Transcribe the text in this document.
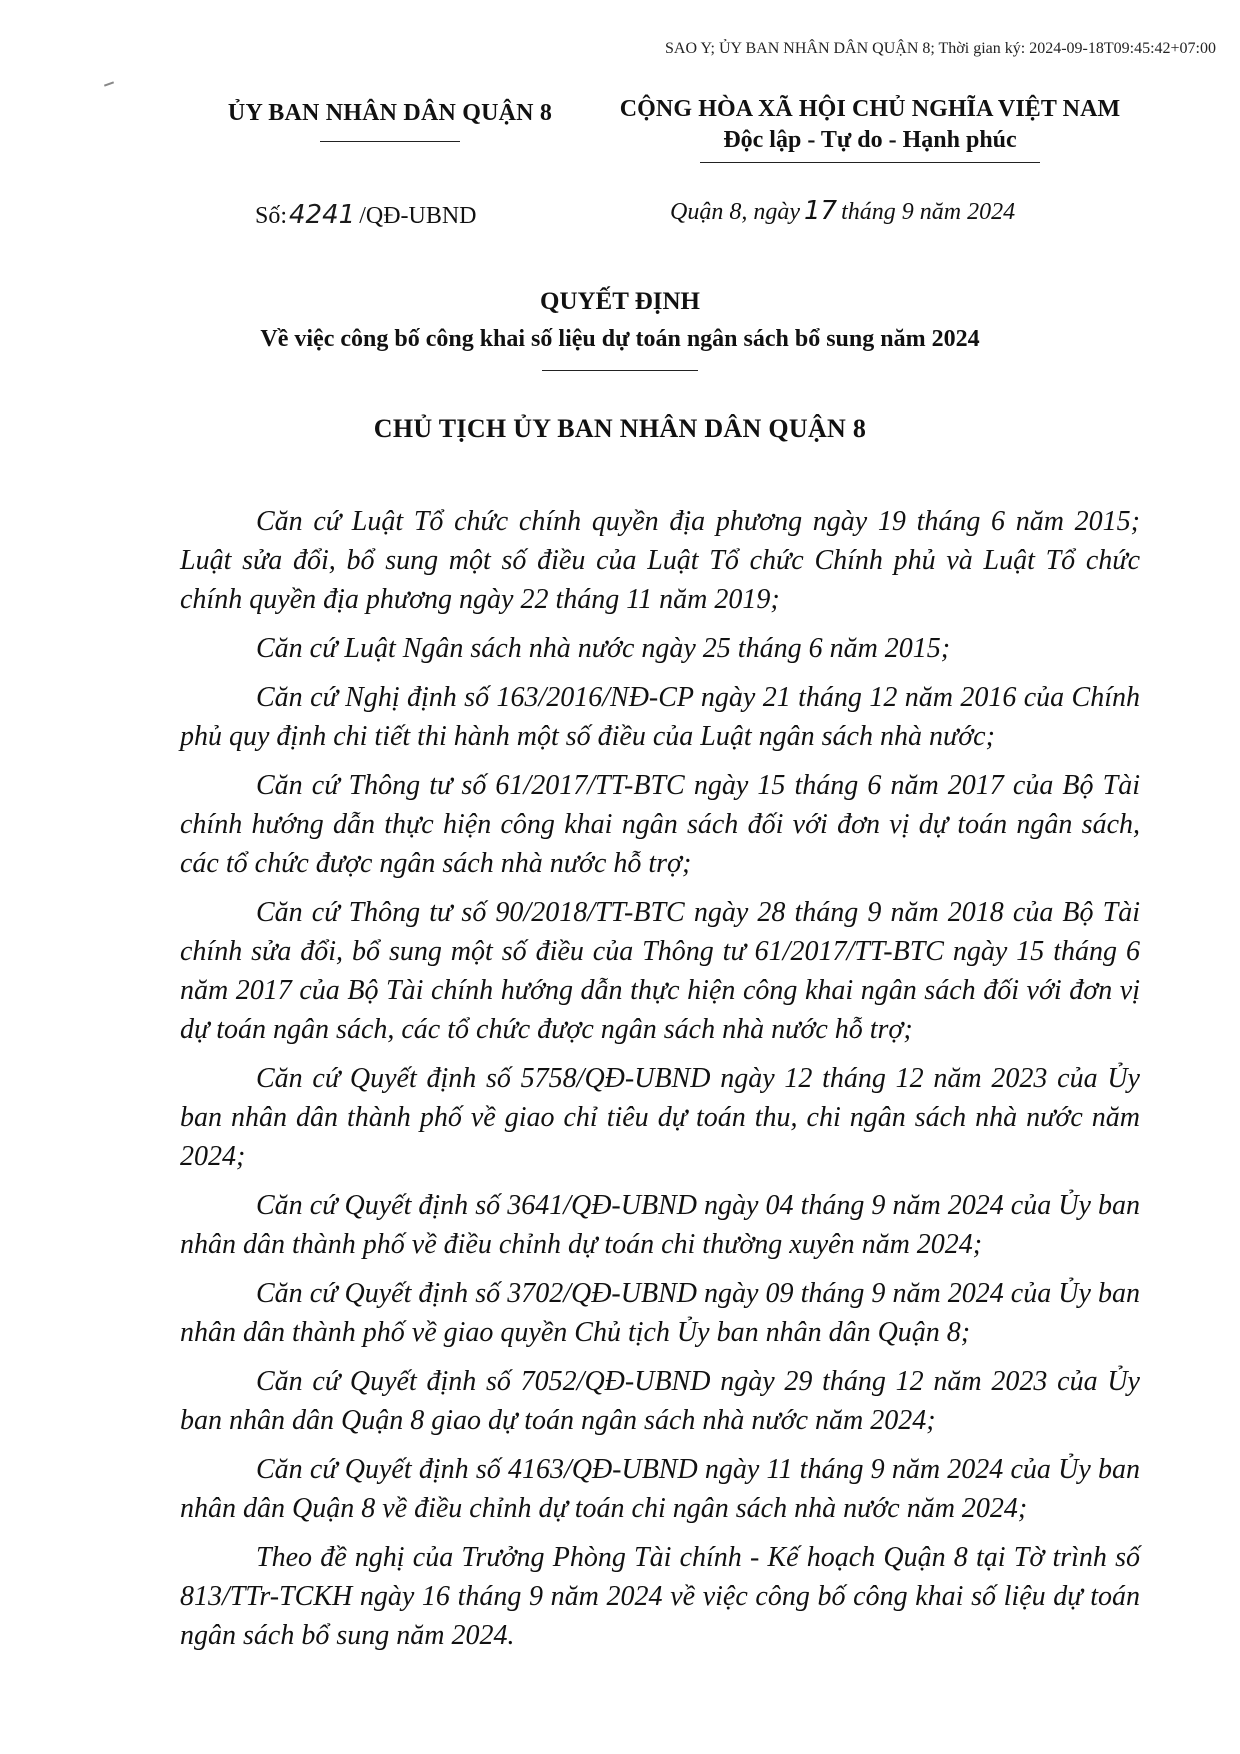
SAO Y; ỦY BAN NHÂN DÂN QUẬN 8; Thời gian ký: 2024-09-18T09:45:42+07:00
ỦY BAN NHÂN DÂN QUẬN 8	CỘNG HÒA XÃ HỘI CHỦ NGHĨA VIỆT NAM
Độc lập - Tự do - Hạnh phúc
Số:4241 /QĐ-UBND	Quận 8, ngày 17 tháng 9 năm 2024
QUYẾT ĐỊNH
Về việc công bố công khai số liệu dự toán ngân sách bổ sung năm 2024
CHỦ TỊCH ỦY BAN NHÂN DÂN QUẬN 8

Căn cứ Luật Tổ chức chính quyền địa phương ngày 19 tháng 6 năm 2015; Luật sửa đổi, bổ sung một số điều của Luật Tổ chức Chính phủ và Luật Tổ chức chính quyền địa phương ngày 22 tháng 11 năm 2019;

Căn cứ Luật Ngân sách nhà nước ngày 25 tháng 6 năm 2015;

Căn cứ Nghị định số 163/2016/NĐ-CP ngày 21 tháng 12 năm 2016 của Chính phủ quy định chi tiết thi hành một số điều của Luật ngân sách nhà nước;

Căn cứ Thông tư số 61/2017/TT-BTC ngày 15 tháng 6 năm 2017 của Bộ Tài chính hướng dẫn thực hiện công khai ngân sách đối với đơn vị dự toán ngân sách, các tổ chức được ngân sách nhà nước hỗ trợ;

Căn cứ Thông tư số 90/2018/TT-BTC ngày 28 tháng 9 năm 2018 của Bộ Tài chính sửa đổi, bổ sung một số điều của Thông tư 61/2017/TT-BTC ngày 15 tháng 6 năm 2017 của Bộ Tài chính hướng dẫn thực hiện công khai ngân sách đối với đơn vị dự toán ngân sách, các tổ chức được ngân sách nhà nước hỗ trợ;

Căn cứ Quyết định số 5758/QĐ-UBND ngày 12 tháng 12 năm 2023 của Ủy ban nhân dân thành phố về giao chỉ tiêu dự toán thu, chi ngân sách nhà nước năm 2024;

Căn cứ Quyết định số 3641/QĐ-UBND ngày 04 tháng 9 năm 2024 của Ủy ban nhân dân thành phố về điều chỉnh dự toán chi thường xuyên năm 2024;

Căn cứ Quyết định số 3702/QĐ-UBND ngày 09 tháng 9 năm 2024 của Ủy ban nhân dân thành phố về giao quyền Chủ tịch Ủy ban nhân dân Quận 8;

Căn cứ Quyết định số 7052/QĐ-UBND ngày 29 tháng 12 năm 2023 của Ủy ban nhân dân Quận 8 giao dự toán ngân sách nhà nước năm 2024;

Căn cứ Quyết định số 4163/QĐ-UBND ngày 11 tháng 9 năm 2024 của Ủy ban nhân dân Quận 8 về điều chỉnh dự toán chi ngân sách nhà nước năm 2024;

Theo đề nghị của Trưởng Phòng Tài chính - Kế hoạch Quận 8 tại Tờ trình số 813/TTr-TCKH ngày 16 tháng 9 năm 2024 về việc công bố công khai số liệu dự toán ngân sách bổ sung năm 2024.
